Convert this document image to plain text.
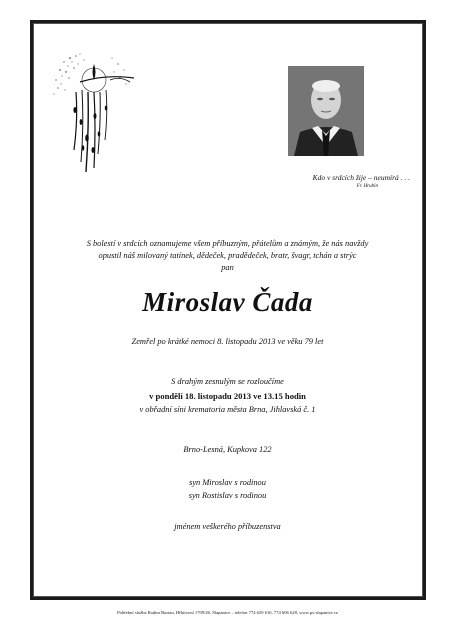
Kdo v srdcích žije – neumírá . . .
Fr. Hrubín
S bolestí v srdcích oznamujeme všem příbuzným, přátelům a známým, že nás navždy
opustil náš milovaný tatínek, dědeček, pradědeček, bratr, švagr, tchán a strýc
pan
Miroslav Čada
Zemřel po krátké nemoci 8. listopadu 2013 ve věku 79 let
S drahým zesnulým se rozloučíme
v pondělí 18. listopadu 2013 ve 13.15 hodin
v obřadní síni krematoria města Brna, Jihlavská č. 1
Brno-Lesná, Kupkova 122
syn Miroslav s rodinou
syn Rostislav s rodinou
jménem veškerého příbuzenstva
Pohřební služba Radim Burian, Hřbitovní 1709/26, Šlapanice – telefon 774 629 616, 774 606 628, www.ps-slapanice.cz
